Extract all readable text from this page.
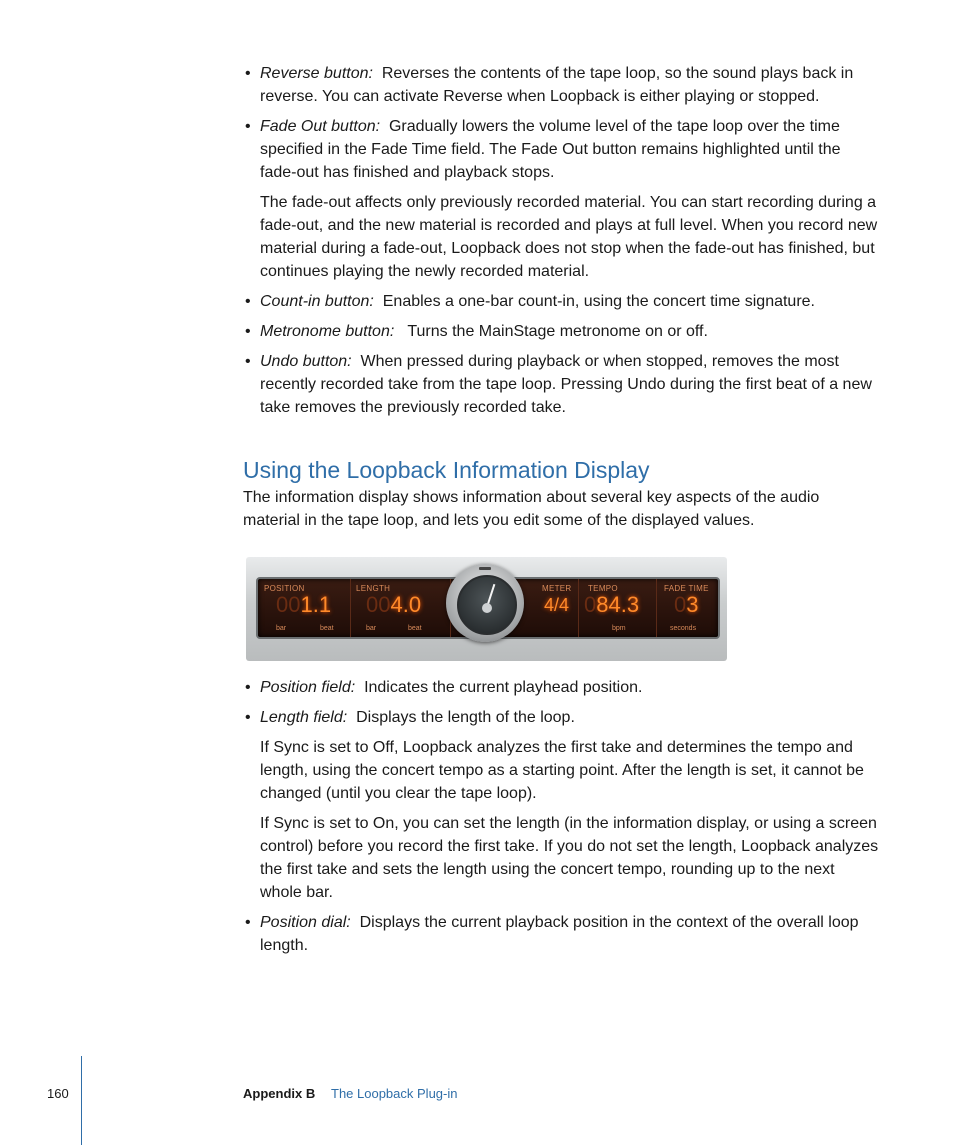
• Reverse button: Reverses the contents of the tape loop, so the sound plays back in reverse. You can activate Reverse when Loopback is either playing or stopped.
• Fade Out button: Gradually lowers the volume level of the tape loop over the time specified in the Fade Time field. The Fade Out button remains highlighted until the fade-out has finished and playback stops.
The fade-out affects only previously recorded material. You can start recording during a fade-out, and the new material is recorded and plays at full level. When you record new material during a fade-out, Loopback does not stop when the fade-out has finished, but continues playing the newly recorded material.
• Count-in button: Enables a one-bar count-in, using the concert time signature.
• Metronome button: Turns the MainStage metronome on or off.
• Undo button: When pressed during playback or when stopped, removes the most recently recorded take from the tape loop. Pressing Undo during the first beat of a new take removes the previously recorded take.
Using the Loopback Information Display
The information display shows information about several key aspects of the audio material in the tape loop, and lets you edit some of the displayed values.
POSITION
001.1
bar	beat
LENGTH
004.0
bar	beat
METER
4/4
TEMPO
084.3
bpm
FADE TIME
03
seconds
• Position field: Indicates the current playhead position.
• Length field: Displays the length of the loop.
If Sync is set to Off, Loopback analyzes the first take and determines the tempo and length, using the concert tempo as a starting point. After the length is set, it cannot be changed (until you clear the tape loop).
If Sync is set to On, you can set the length (in the information display, or using a screen control) before you record the first take. If you do not set the length, Loopback analyzes the first take and sets the length using the concert tempo, rounding up to the next whole bar.
• Position dial: Displays the current playback position in the context of the overall loop length.
160	Appendix B The Loopback Plug-in
